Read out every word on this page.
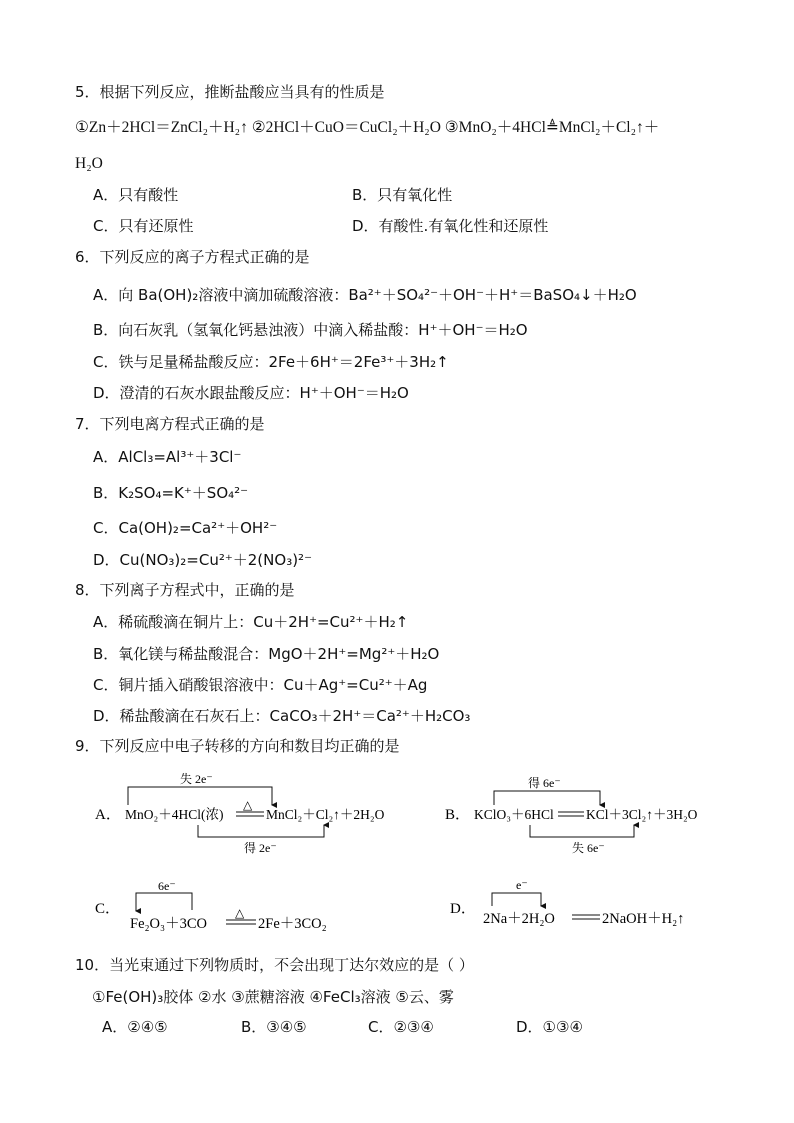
5．根据下列反应，推断盐酸应当具有的性质是
①Zn＋2HCl＝ZnCl₂＋H₂↑ ②2HCl＋CuO＝CuCl₂＋H₂O ③MnO₂＋4HCl≜MnCl₂＋Cl₂↑＋
H₂O
A．只有酸性	B．只有氧化性
C．只有还原性	D．有酸性.有氧化性和还原性
6．下列反应的离子方程式正确的是
A．向 Ba(OH)₂溶液中滴加硫酸溶液：Ba²⁺＋SO₄²⁻＋OH⁻＋H⁺＝BaSO₄↓＋H₂O
B．向石灰乳（氢氧化钙悬浊液）中滴入稀盐酸：H⁺＋OH⁻＝H₂O
C．铁与足量稀盐酸反应：2Fe＋6H⁺＝2Fe³⁺＋3H₂↑
D．澄清的石灰水跟盐酸反应：H⁺＋OH⁻＝H₂O
7．下列电离方程式正确的是
A．AlCl₃=Al³⁺＋3Cl⁻
B．K₂SO₄=K⁺＋SO₄²⁻
C．Ca(OH)₂=Ca²⁺＋OH²⁻
D．Cu(NO₃)₂=Cu²⁺＋2(NO₃)²⁻
8．下列离子方程式中，正确的是
A．稀硫酸滴在铜片上：Cu＋2H⁺=Cu²⁺＋H₂↑
B．氧化镁与稀盐酸混合：MgO＋2H⁺=Mg²⁺＋H₂O
C．铜片插入硝酸银溶液中：Cu＋Ag⁺=Cu²⁺＋Ag
D．稀盐酸滴在石灰石上：CaCO₃＋2H⁺＝Ca²⁺＋H₂CO₃
9．下列反应中电子转移的方向和数目均正确的是
A．
失 2e⁻
MnO₂＋4HCl(浓)
△
MnCl₂＋Cl₂↑＋2H₂O
得 2e⁻
B．
得 6e⁻
KClO₃＋6HCl KCl＋3Cl₂↑＋3H₂O
失 6e⁻
C．
6e⁻
Fe₂O₃＋3CO
△
2Fe＋3CO₂
D．
e⁻
2Na＋2H₂O	2NaOH＋H₂↑
10．当光束通过下列物质时，不会出现丁达尔效应的是（ ）
①Fe(OH)₃胶体 ②水 ③蔗糖溶液 ④FeCl₃溶液 ⑤云、雾
A．②④⑤	B．③④⑤	C．②③④	D．①③④
